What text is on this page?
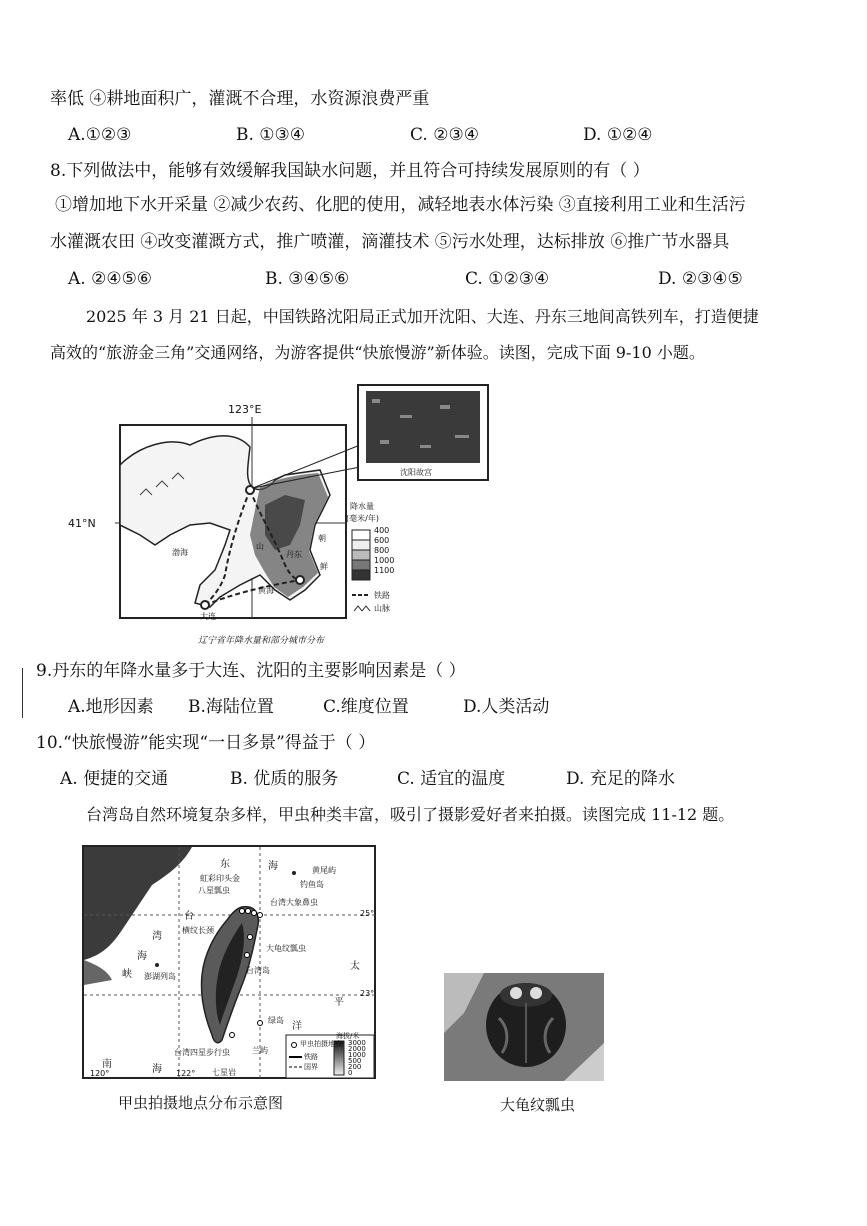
率低 ④耕地面积广，灌溉不合理，水资源浪费严重
A.①②③	B. ①③④	C. ②③④	D. ①②④
8.下列做法中，能够有效缓解我国缺水问题，并且符合可持续发展原则的有（ ）
①增加地下水开采量 ②减少农药、化肥的使用，减轻地表水体污染 ③直接利用工业和生活污
水灌溉农田 ④改变灌溉方式，推广喷灌，滴灌技术 ⑤污水处理，达标排放 ⑥推广节水器具
A. ②④⑤⑥	B. ③④⑤⑥	C. ①②③④	D. ②③④⑤
2025 年 3 月 21 日起，中国铁路沈阳局正式加开沈阳、大连、丹东三地间高铁列车，打造便捷
高效的“旅游金三角”交通网络，为游客提供“快旅慢游”新体验。读图，完成下面 9-10 小题。
123°E
41°N
渤海	丹东
黄海
朝
鲜
大连
山
沈阳故宫
降水量
(毫米/年)
400
600
800
1000
1100
铁路
山脉
辽宁省年降水量和部分城市分布
9.丹东的年降水量多于大连、沈阳的主要影响因素是（ ）
A.地形因素 B.海陆位置	C.维度位置	D.人类活动
10.“快旅慢游”能实现“一日多景”得益于（ ）
A. 便捷的交通	B. 优质的服务	C. 适宜的温度	D. 充足的降水
台湾岛自然环境复杂多样，甲虫种类丰富，吸引了摄影爱好者来拍摄。读图完成 11-12 题。
东	海	黄尾屿
钓鱼岛
台
湾
海
峡 澎湖列岛
太
平
洋
台湾岛
南	海
兰屿
七星岩
台湾四星步行虫
虹彩印头金
八星瓢虫
台湾大象鼻虫
大龟纹瓢虫
横纹长颈
绿岛
25°
23°
120°	122°
海拔/米
3000
2000
1000
500
200
0
甲虫拍摄地点
铁路
国界
甲虫拍摄地点分布示意图	大龟纹瓢虫
